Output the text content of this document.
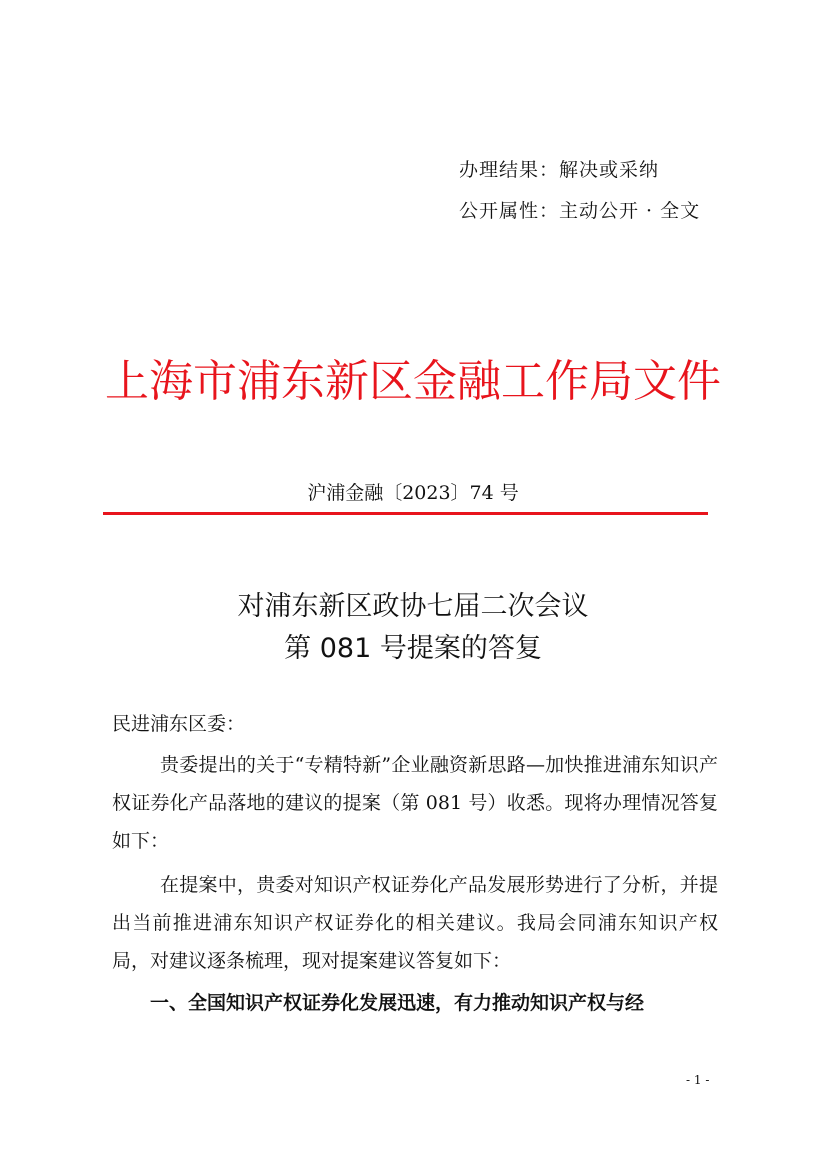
办理结果：解决或采纳
公开属性：主动公开 · 全文
上海市浦东新区金融工作局文件
沪浦金融〔2023〕74 号
对浦东新区政协七届二次会议
第 081 号提案的答复
民进浦东区委：
贵委提出的关于“专精特新”企业融资新思路—加快推进浦东知识产权证券化产品落地的建议的提案（第 081 号）收悉。现将办理情况答复如下：
在提案中，贵委对知识产权证券化产品发展形势进行了分析，并提出当前推进浦东知识产权证券化的相关建议。我局会同浦东知识产权局，对建议逐条梳理，现对提案建议答复如下：
一、全国知识产权证券化发展迅速，有力推动知识产权与经
- 1 -
